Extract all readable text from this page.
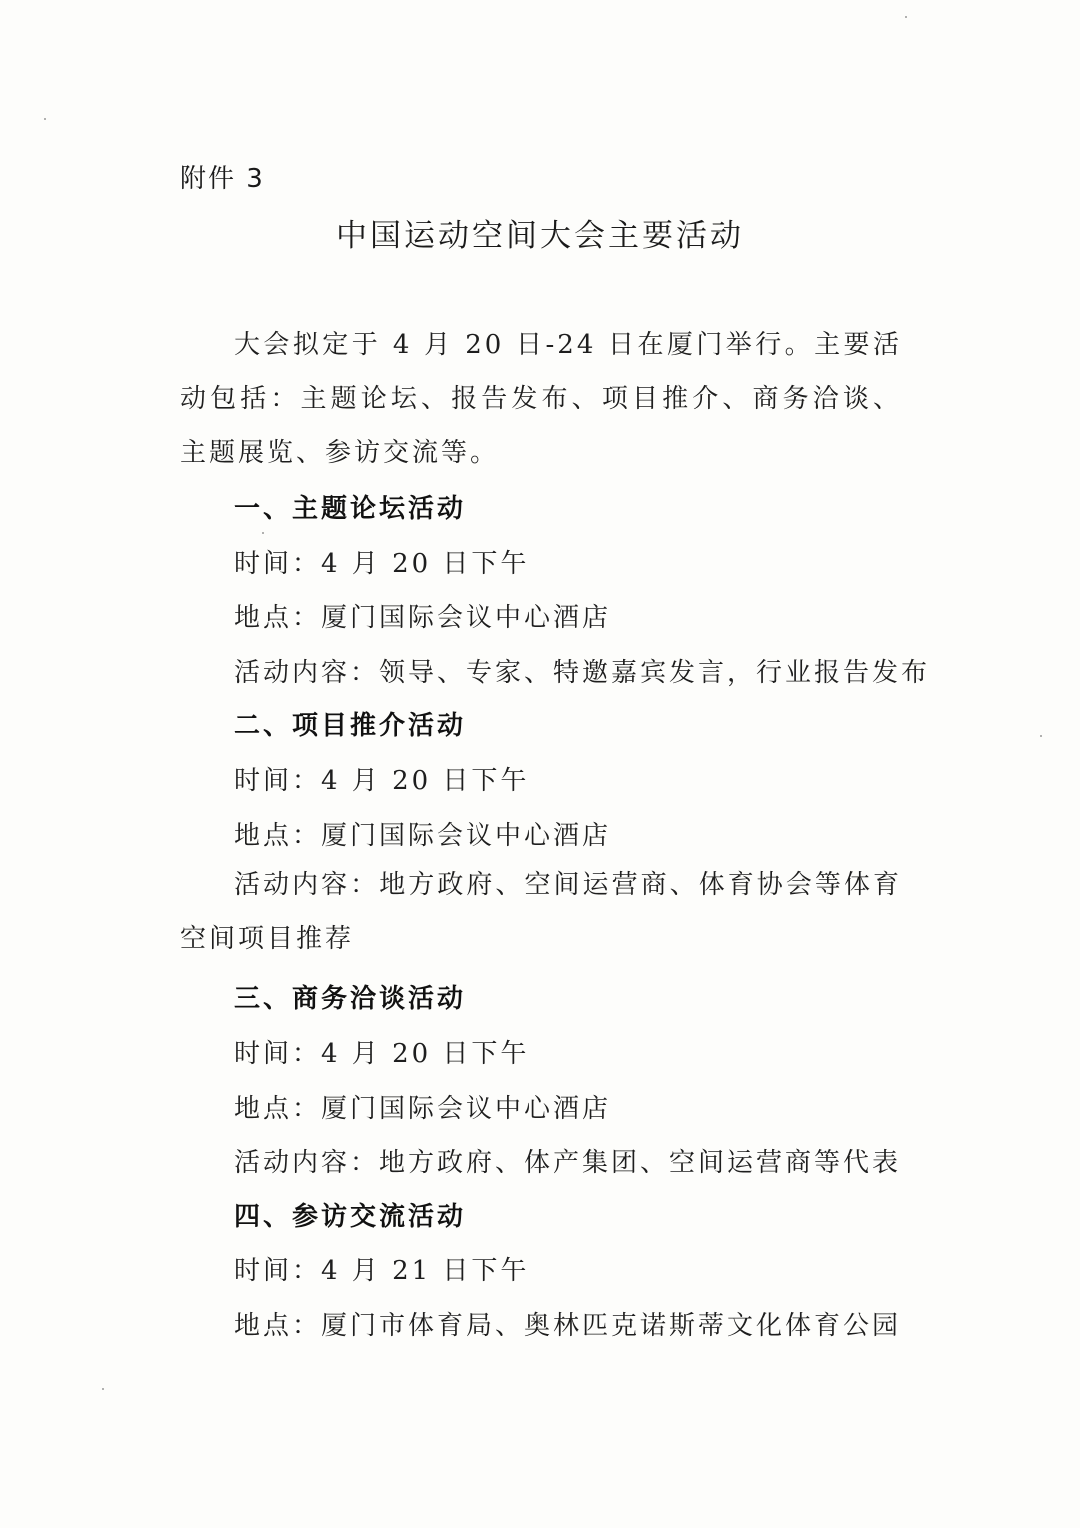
附件 3
中国运动空间大会主要活动
大会拟定于 4 月 20 日-24 日在厦门举行。主要活动包括：主题论坛、报告发布、项目推介、商务洽谈、主题展览、参访交流等。
一、主题论坛活动
时间：4 月 20 日下午
地点：厦门国际会议中心酒店
活动内容：领导、专家、特邀嘉宾发言，行业报告发布
二、项目推介活动
时间：4 月 20 日下午
地点：厦门国际会议中心酒店
活动内容：地方政府、空间运营商、体育协会等体育空间项目推荐
三、商务洽谈活动
时间：4 月 20 日下午
地点：厦门国际会议中心酒店
活动内容：地方政府、体产集团、空间运营商等代表
四、参访交流活动
时间：4 月 21 日下午
地点：厦门市体育局、奥林匹克诺斯蒂文化体育公园
